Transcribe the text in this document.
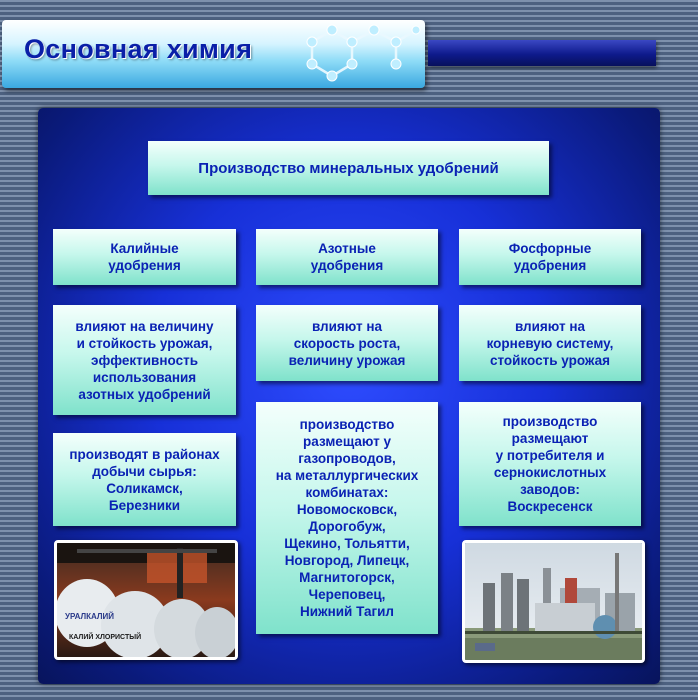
Основная химия
Производство минеральных удобрений
Калийные
удобрения
Азотные
удобрения
Фосфорные
удобрения
влияют на величину
и стойкость урожая,
эффективность
использования
азотных удобрений
влияют на
скорость роста,
величину урожая
влияют на
корневую систему,
стойкость урожая
производят в районах
добычи сырья:
Соликамск,
Березники
производство
размещают у
газопроводов,
на металлургических
комбинатах:
Новомосковск,
Дорогобуж,
Щекино, Тольятти,
Новгород, Липецк,
Магнитогорск,
Череповец,
Нижний Тагил
производство
размещают
у потребителя и
сернокислотных
заводов:
Воскресенск
УРАЛКАЛИЙ
КАЛИЙ ХЛОРИСТЫЙ
